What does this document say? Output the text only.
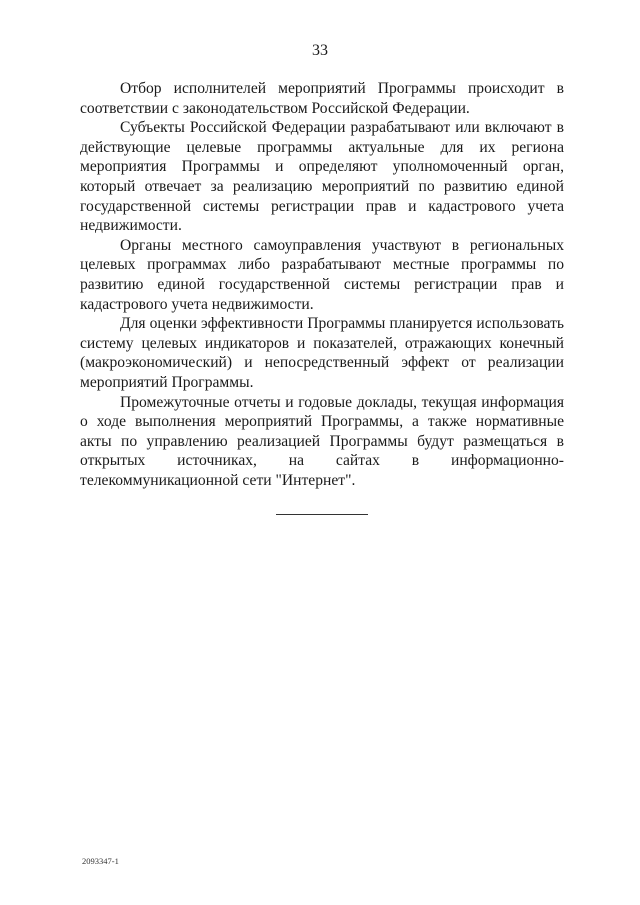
33

Отбор исполнителей мероприятий Программы происходит в соответствии с законодательством Российской Федерации.

Субъекты Российской Федерации разрабатывают или включают в действующие целевые программы актуальные для их региона мероприятия Программы и определяют уполномоченный орган, который отвечает за реализацию мероприятий по развитию единой государственной системы регистрации прав и кадастрового учета недвижимости.

Органы местного самоуправления участвуют в региональных целевых программах либо разрабатывают местные программы по развитию единой государственной системы регистрации прав и кадастрового учета недвижимости.

Для оценки эффективности Программы планируется использовать систему целевых индикаторов и показателей, отражающих конечный (макроэкономический) и непосредственный эффект от реализации мероприятий Программы.

Промежуточные отчеты и годовые доклады, текущая информация о ходе выполнения мероприятий Программы, а также нормативные акты по управлению реализацией Программы будут размещаться в открытых источниках, на сайтах в информационно-телекоммуникационной сети "Интернет".

2093347-1
